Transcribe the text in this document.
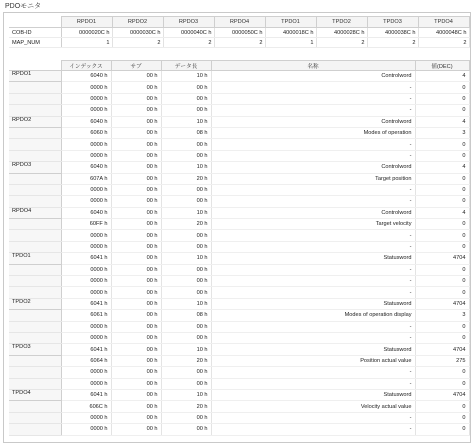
PDOモニタ
	RPDO1	RPDO2	RPDO3	RPDO4	TPDO1	TPDO2	TPDO3	TPDO4
COB-ID	0000020C h	0000030C h	0000040C h	0000050C h	4000018C h	4000028C h	4000038C h	4000048C h
MAP_NUM	1	2	2	2	1	2	2	2
	インデックス	サブ	データ長	名称	値(DEC)
RPDO1	6040 h	00 h	10 h	Controlword	4
	0000 h	00 h	00 h	-	0
	0000 h	00 h	00 h	-	0
	0000 h	00 h	00 h	-	0
RPDO2	6040 h	00 h	10 h	Controlword	4
	6060 h	00 h	08 h	Modes of operation	3
	0000 h	00 h	00 h	-	0
	0000 h	00 h	00 h	-	0
RPDO3	6040 h	00 h	10 h	Controlword	4
	607A h	00 h	20 h	Target position	0
	0000 h	00 h	00 h	-	0
	0000 h	00 h	00 h	-	0
RPDO4	6040 h	00 h	10 h	Controlword	4
	60FF h	00 h	20 h	Target velocity	0
	0000 h	00 h	00 h	-	0
	0000 h	00 h	00 h	-	0
TPDO1	6041 h	00 h	10 h	Statusword	4704
	0000 h	00 h	00 h	-	0
	0000 h	00 h	00 h	-	0
	0000 h	00 h	00 h	-	0
TPDO2	6041 h	00 h	10 h	Statusword	4704
	6061 h	00 h	08 h	Modes of operation display	3
	0000 h	00 h	00 h	-	0
	0000 h	00 h	00 h	-	0
TPDO3	6041 h	00 h	10 h	Statusword	4704
	6064 h	00 h	20 h	Position actual value	275
	0000 h	00 h	00 h	-	0
	0000 h	00 h	00 h	-	0
TPDO4	6041 h	00 h	10 h	Statusword	4704
	606C h	00 h	20 h	Velocity actual value	0
	0000 h	00 h	00 h	-	0
	0000 h	00 h	00 h	-	0
